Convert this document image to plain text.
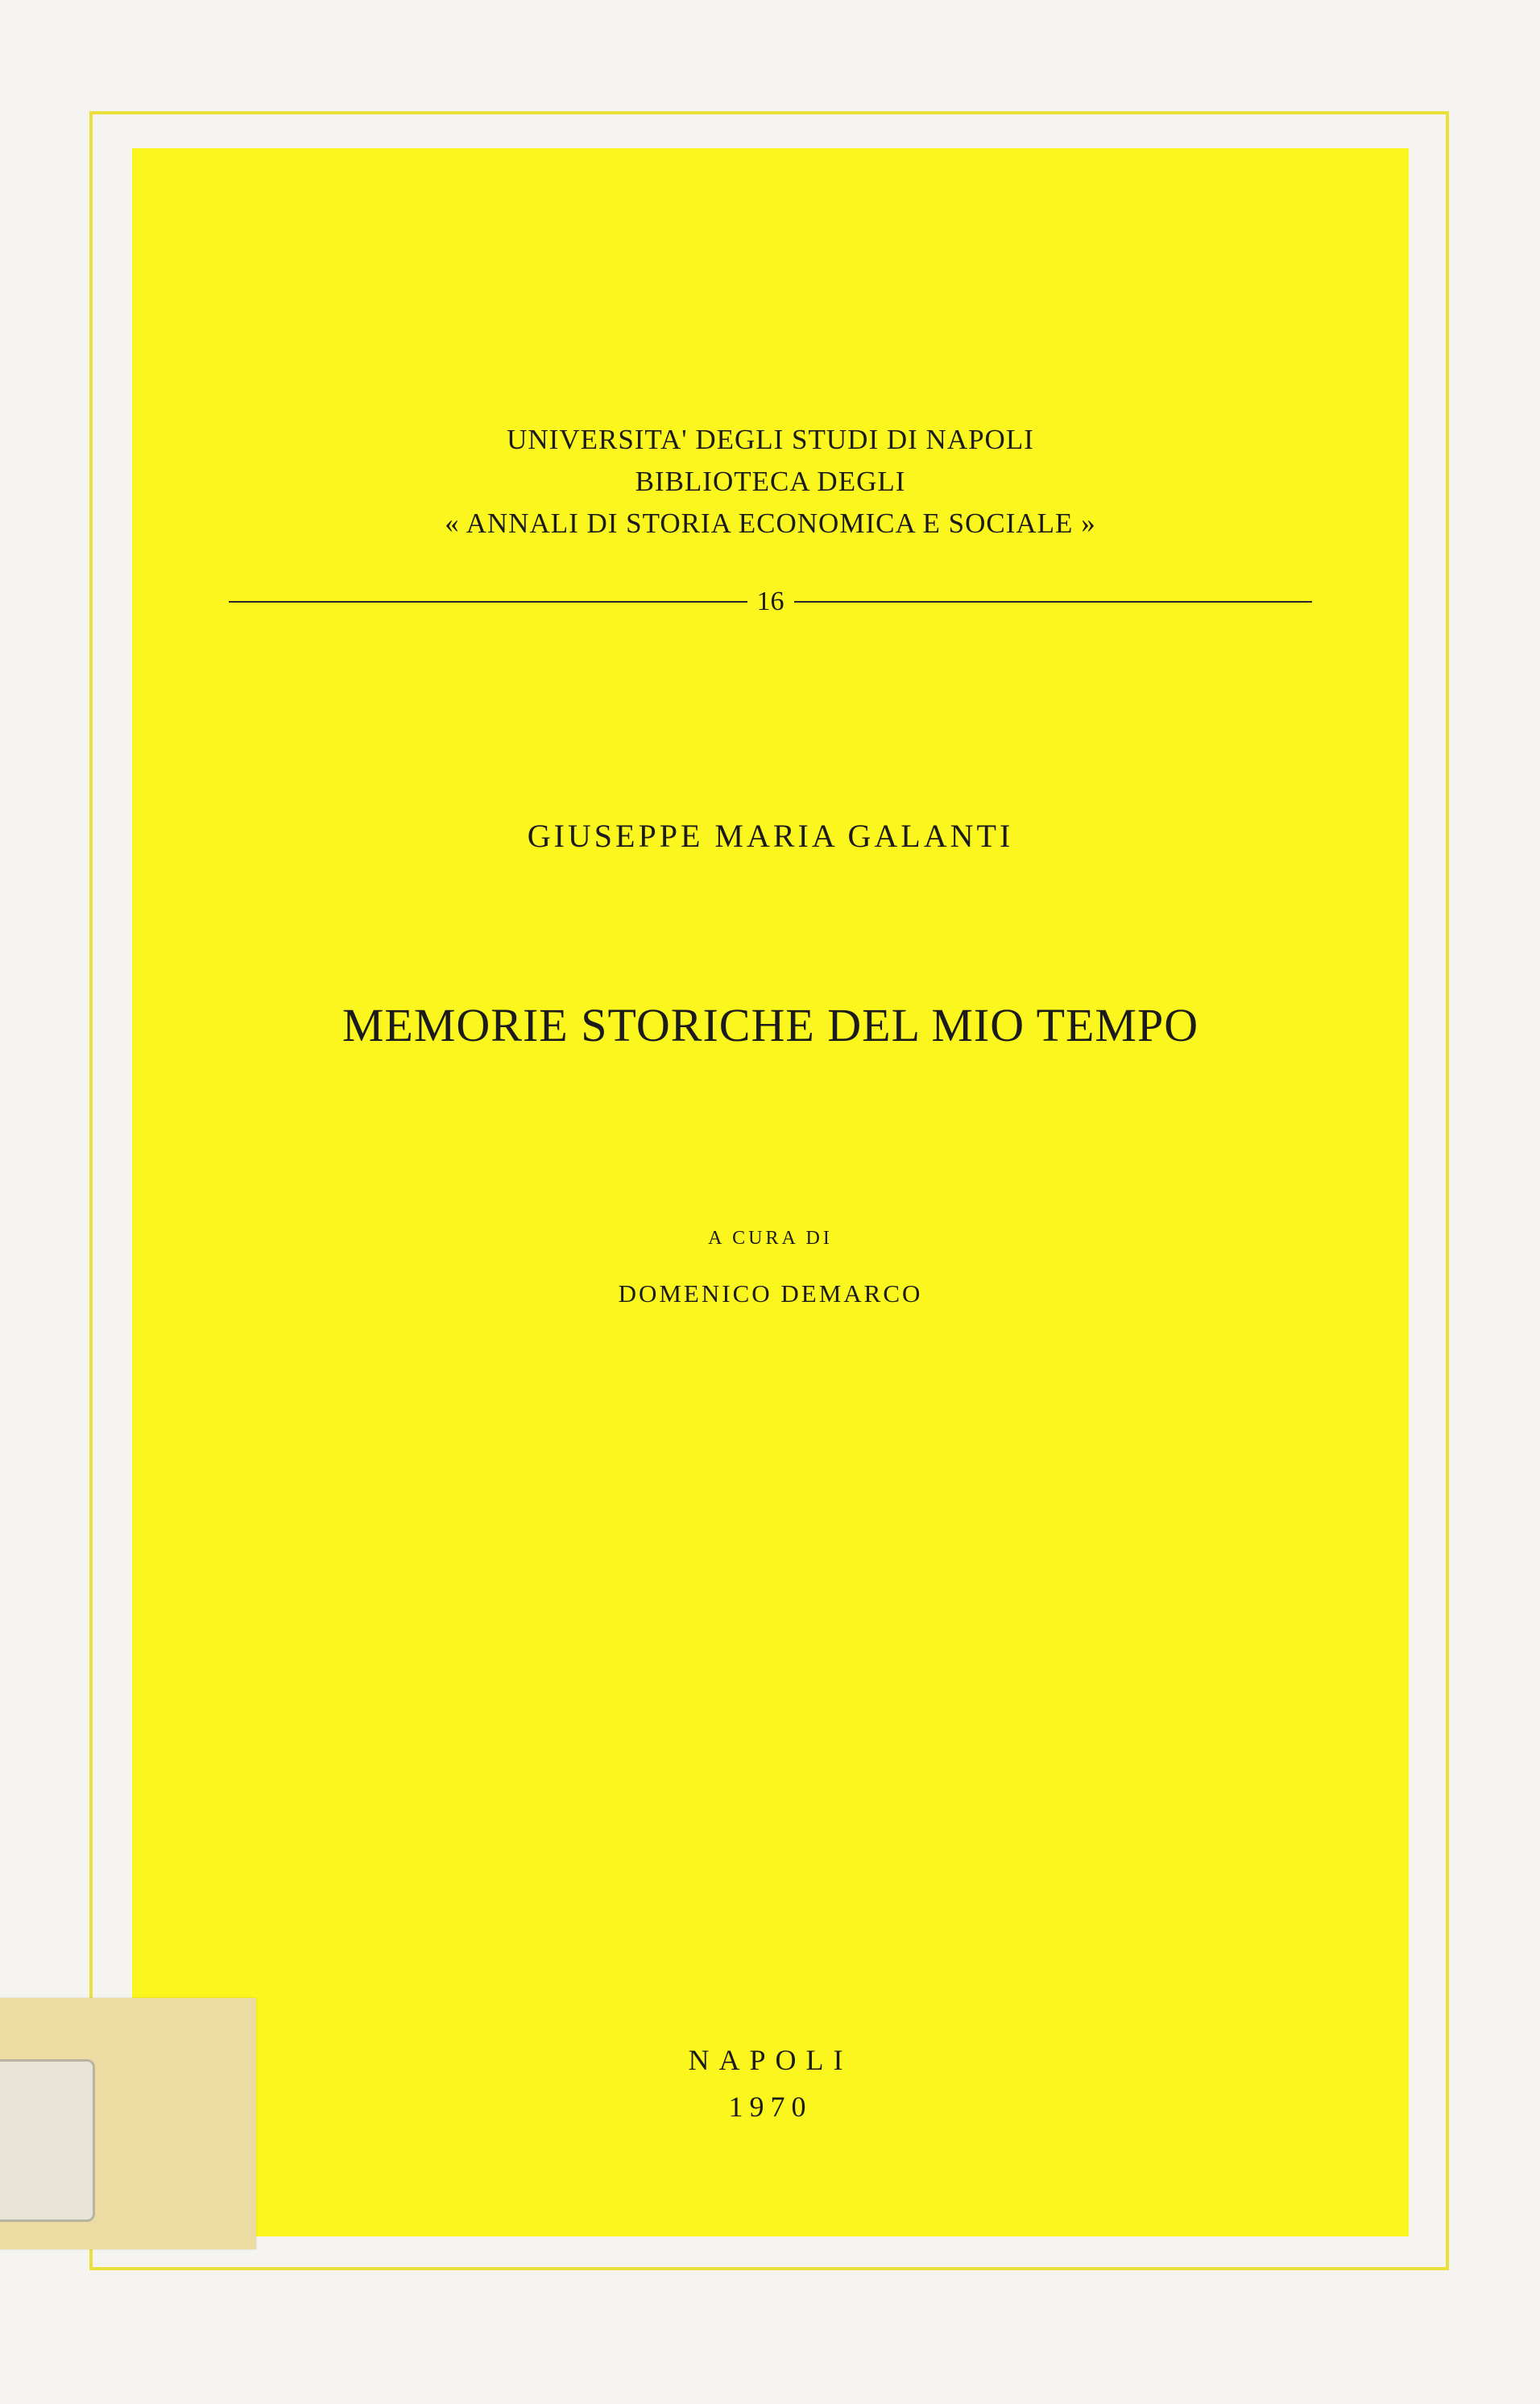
UNIVERSITA' DEGLI STUDI DI NAPOLI
BIBLIOTECA DEGLI
« ANNALI DI STORIA ECONOMICA E SOCIALE »
16
GIUSEPPE MARIA GALANTI
MEMORIE STORICHE DEL MIO TEMPO
A CURA DI
DOMENICO DEMARCO
NAPOLI
1970
